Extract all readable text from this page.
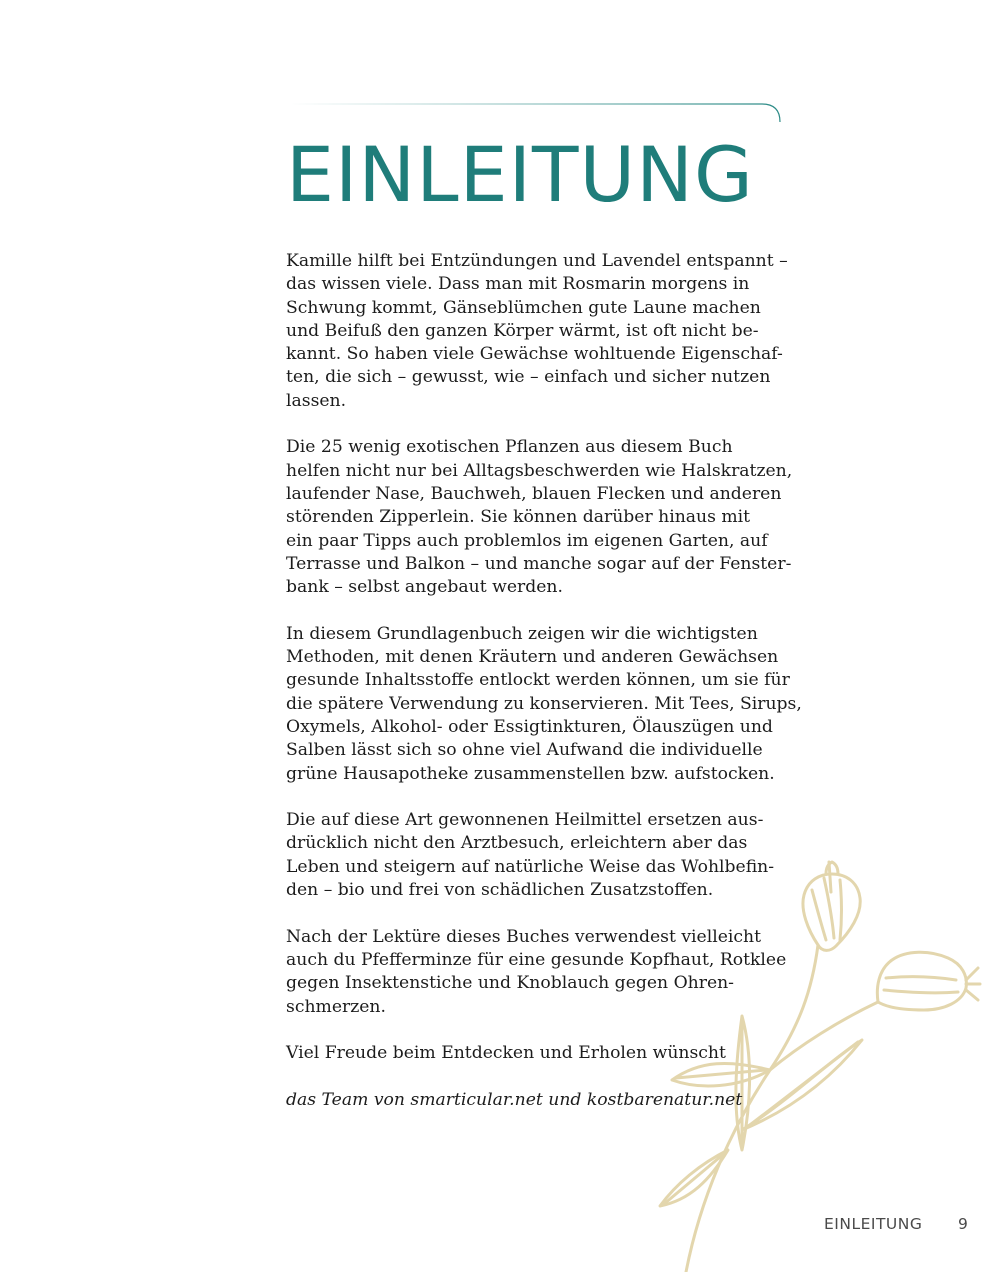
EINLEITUNG

Kamille hilft bei Entzündungen und Lavendel entspannt –
das wissen viele. Dass man mit Rosmarin morgens in
Schwung kommt, Gänseblümchen gute Laune machen
und Beifuß den ganzen Körper wärmt, ist oft nicht be-
kannt. So haben viele Gewächse wohltuende Eigenschaf-
ten, die sich – gewusst, wie – einfach und sicher nutzen
lassen.

Die 25 wenig exotischen Pflanzen aus diesem Buch
helfen nicht nur bei Alltagsbeschwerden wie Halskratzen,
laufender Nase, Bauchweh, blauen Flecken und anderen
störenden Zipperlein. Sie können darüber hinaus mit
ein paar Tipps auch problemlos im eigenen Garten, auf
Terrasse und Balkon – und manche sogar auf der Fenster-
bank – selbst angebaut werden.

In diesem Grundlagenbuch zeigen wir die wichtigsten
Methoden, mit denen Kräutern und anderen Gewächsen
gesunde Inhaltsstoffe entlockt werden können, um sie für
die spätere Verwendung zu konservieren. Mit Tees, Sirups,
Oxymels, Alkohol- oder Essigtinkturen, Ölauszügen und
Salben lässt sich so ohne viel Aufwand die individuelle
grüne Hausapotheke zusammenstellen bzw. aufstocken.

Die auf diese Art gewonnenen Heilmittel ersetzen aus-
drücklich nicht den Arztbesuch, erleichtern aber das
Leben und steigern auf natürliche Weise das Wohlbefin-
den – bio und frei von schädlichen Zusatzstoffen.

Nach der Lektüre dieses Buches verwendest vielleicht
auch du Pfefferminze für eine gesunde Kopfhaut, Rotklee
gegen Insektenstiche und Knoblauch gegen Ohren-
schmerzen.

Viel Freude beim Entdecken und Erholen wünscht

das Team von smarticular.net und kostbarenatur.net

EINLEITUNG 9
